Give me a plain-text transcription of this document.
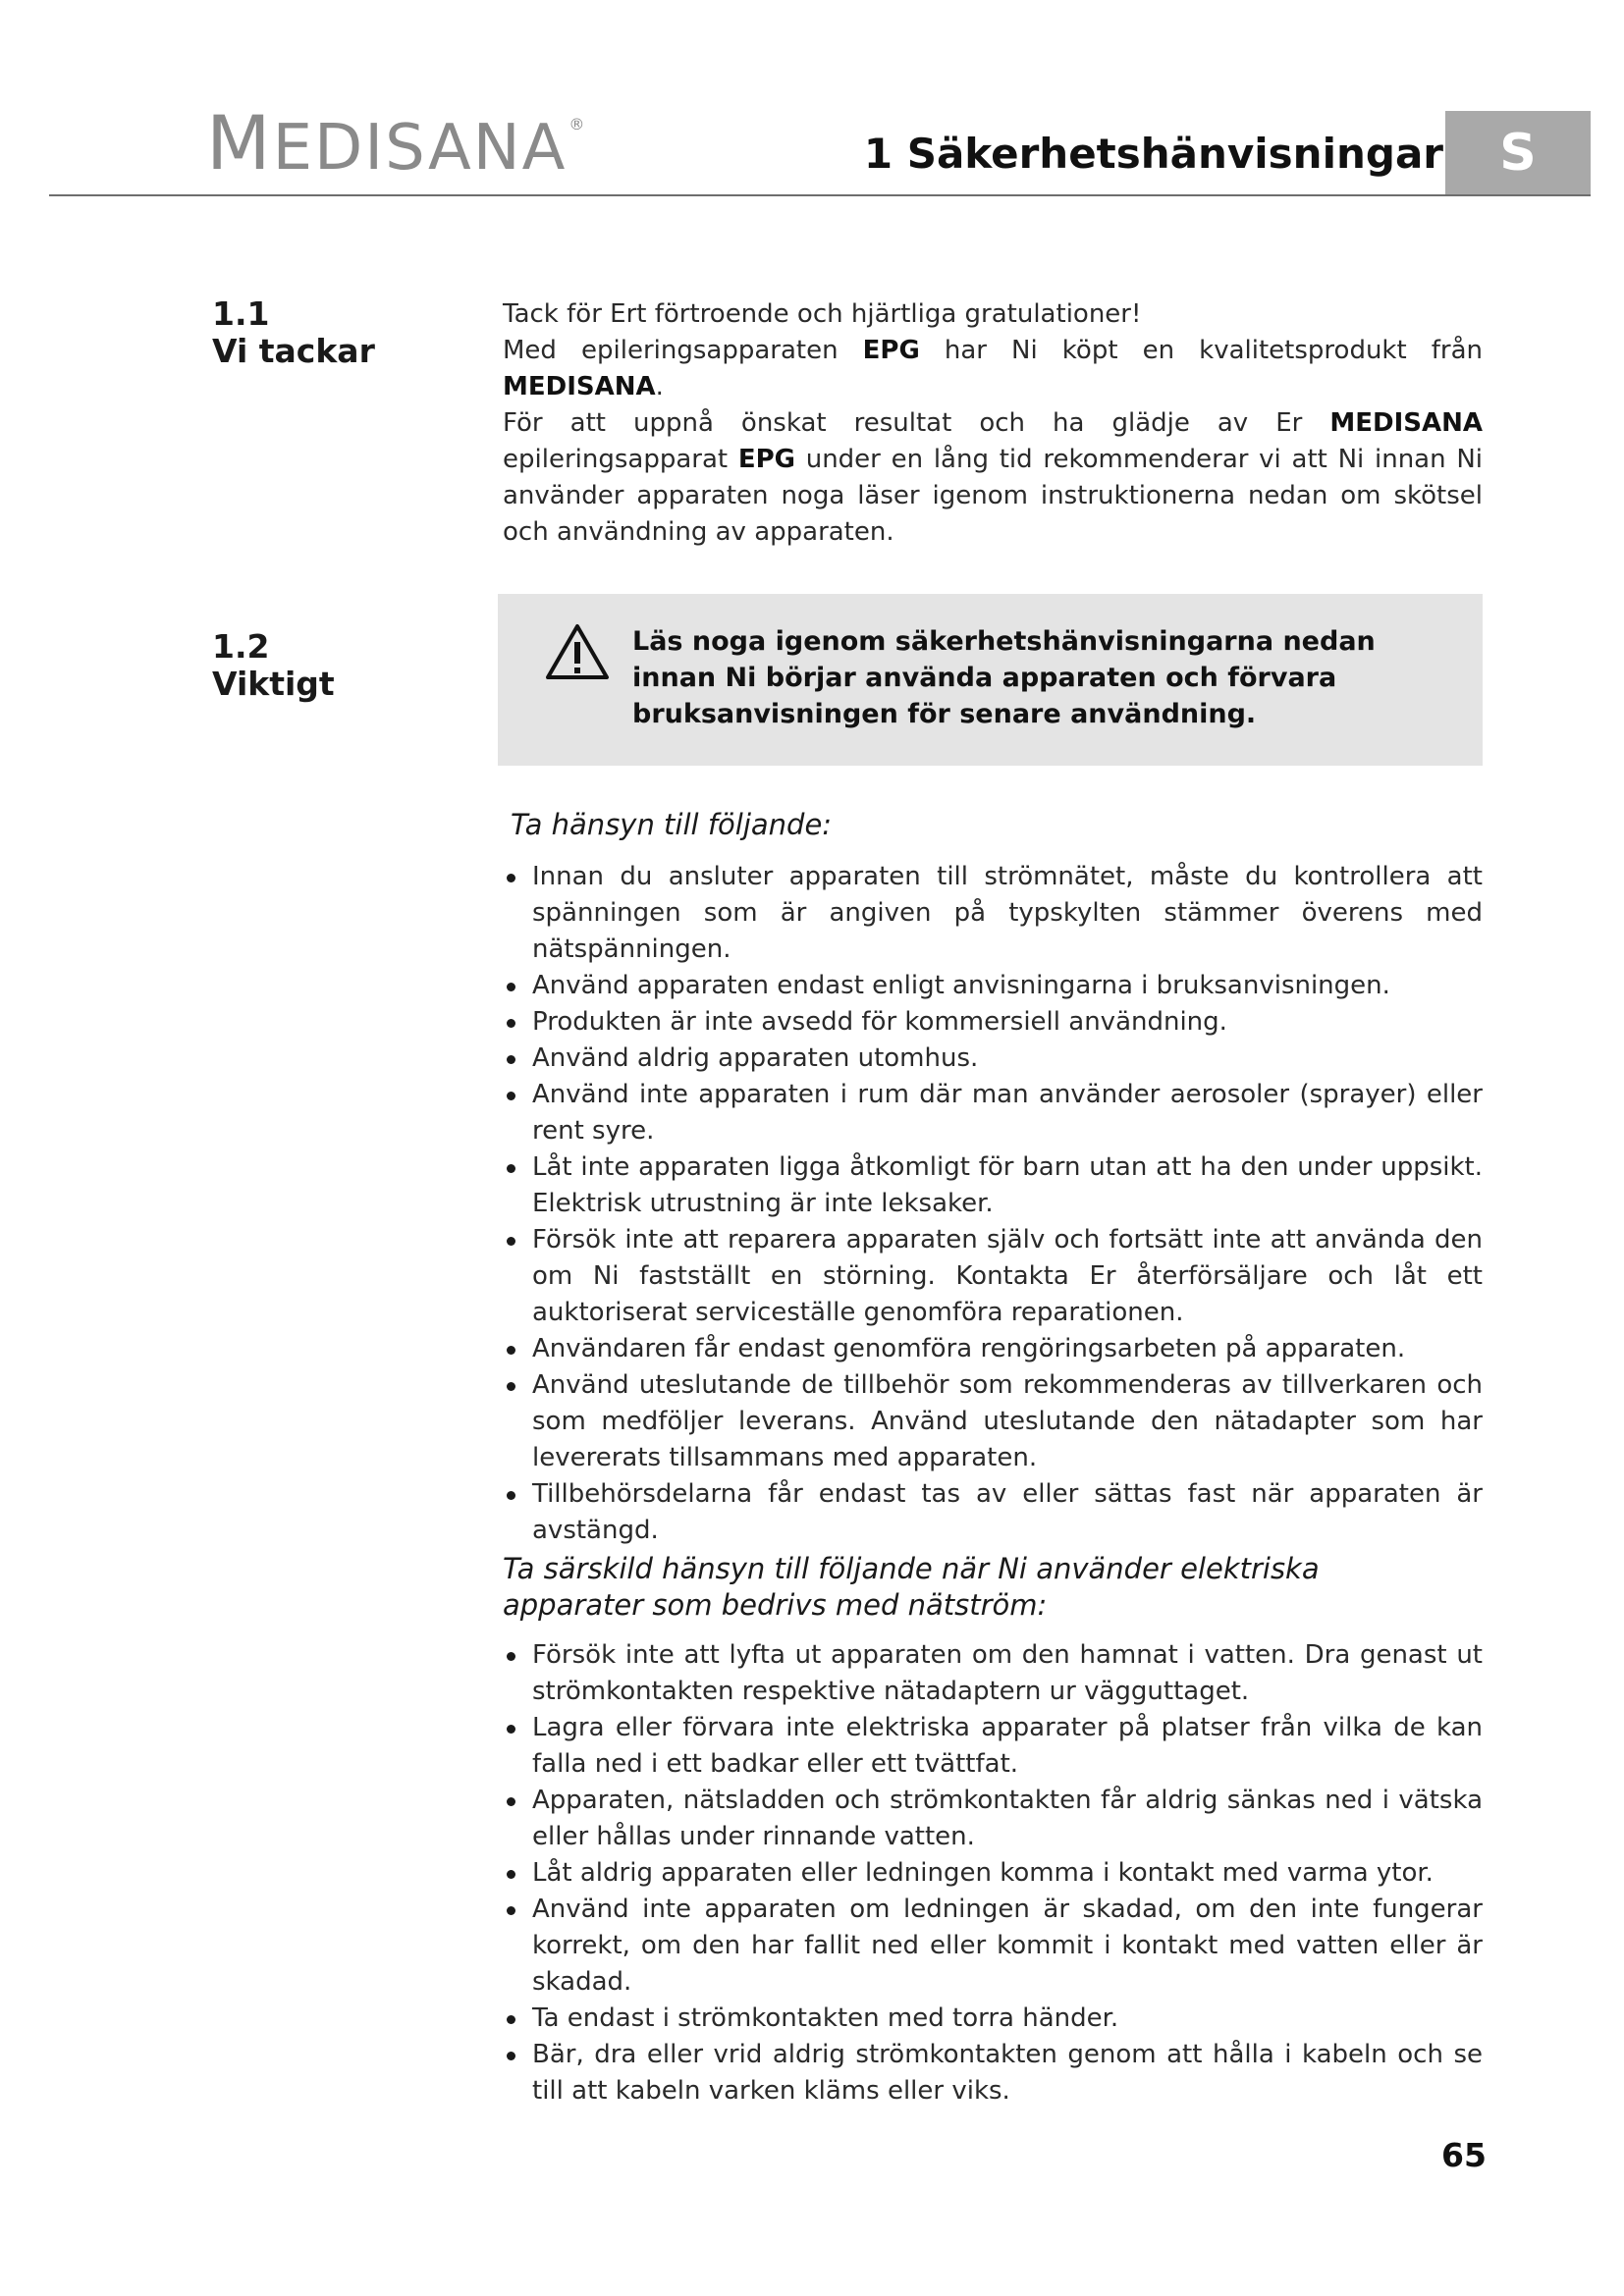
MEDISANA ®
1 Säkerhetshänvisningar	S
1.1
Vi tackar

Tack för Ert förtroende och hjärtliga gratulationer!

Med epileringsapparaten EPG har Ni köpt en kvalitetsprodukt från MEDISANA.

För att uppnå önskat resultat och ha glädje av Er MEDISANA epileringsapparat EPG under en lång tid rekommenderar vi att Ni innan Ni använder apparaten noga läser igenom instruktionerna nedan om skötsel och användning av apparaten.

1.2
Viktigt
Läs noga igenom säkerhetshänvisningarna nedan innan Ni börjar använda apparaten och förvara bruksanvisningen för senare användning.
Ta hänsyn till följande:
Innan du ansluter apparaten till strömnätet, måste du kontrollera att spänningen som är angiven på typskylten stämmer överens med nätspänningen.
Använd apparaten endast enligt anvisningarna i bruksanvisningen.
Produkten är inte avsedd för kommersiell användning.
Använd aldrig apparaten utomhus.
Använd inte apparaten i rum där man använder aerosoler (sprayer) eller rent syre.
Låt inte apparaten ligga åtkomligt för barn utan att ha den under uppsikt. Elektrisk utrustning är inte leksaker.
Försök inte att reparera apparaten själv och fortsätt inte att använda den om Ni fastställt en störning. Kontakta Er återförsäljare och låt ett auktoriserat serviceställe genomföra reparationen.
Användaren får endast genomföra rengöringsarbeten på apparaten.
Använd uteslutande de tillbehör som rekommenderas av tillverkaren och som medföljer leverans. Använd uteslutande den nätadapter som har levererats tillsammans med apparaten.
Tillbehörsdelarna får endast tas av eller sättas fast när apparaten är avstängd.
Ta särskild hänsyn till följande när Ni använder elektriska apparater som bedrivs med nätström:
Försök inte att lyfta ut apparaten om den hamnat i vatten. Dra genast ut strömkontakten respektive nätadaptern ur vägguttaget.
Lagra eller förvara inte elektriska apparater på platser från vilka de kan falla ned i ett badkar eller ett tvättfat.
Apparaten, nätsladden och strömkontakten får aldrig sänkas ned i vätska eller hållas under rinnande vatten.
Låt aldrig apparaten eller ledningen komma i kontakt med varma ytor.
Använd inte apparaten om ledningen är skadad, om den inte fungerar korrekt, om den har fallit ned eller kommit i kontakt med vatten eller är skadad.
Ta endast i strömkontakten med torra händer.
Bär, dra eller vrid aldrig strömkontakten genom att hålla i kabeln och se till att kabeln varken kläms eller viks.
65
